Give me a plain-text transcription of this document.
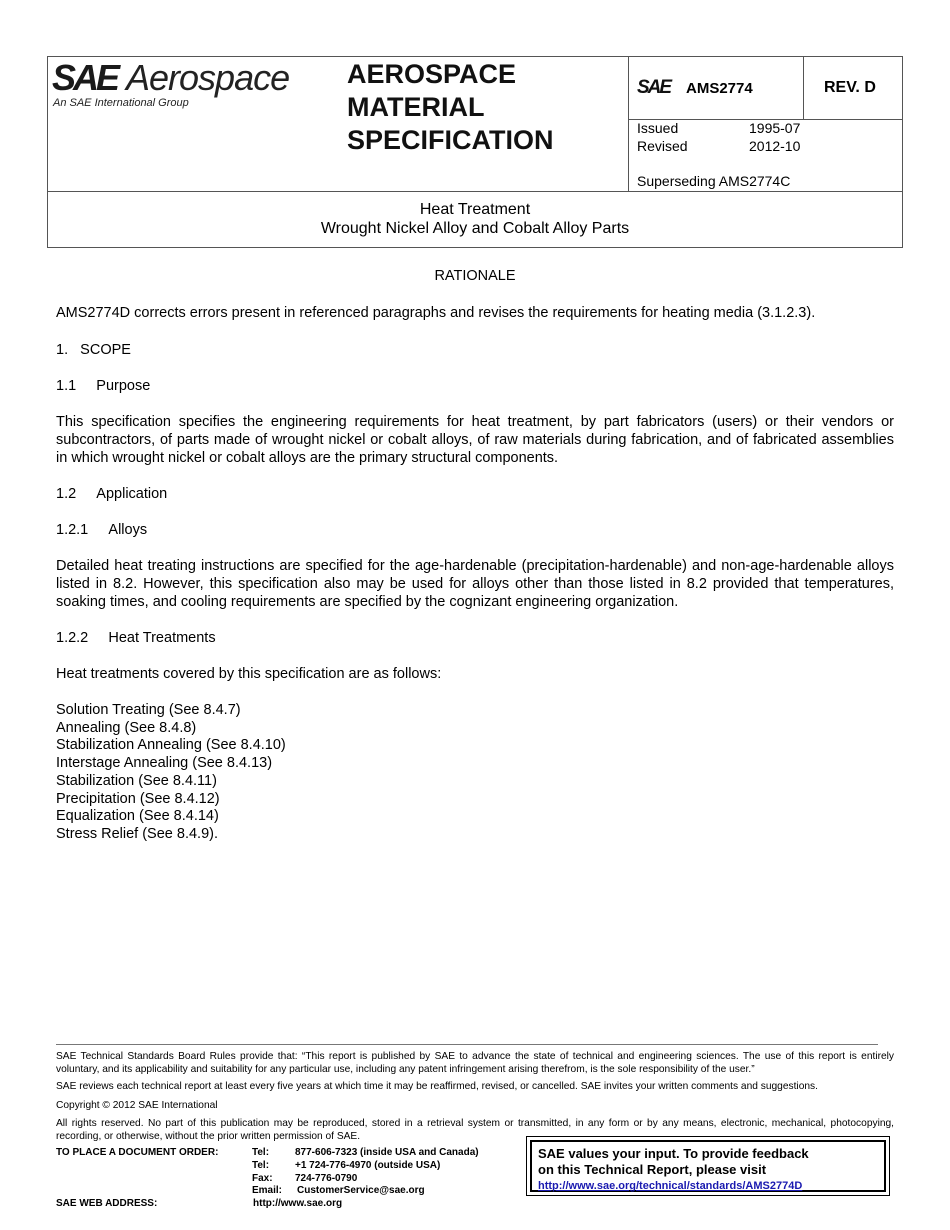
SAE Aerospace
An SAE International Group
AEROSPACE
MATERIAL
SPECIFICATION
SAE AMS2774	REV. D
Issued	1995-07
Revised	2012-10
Superseding AMS2774C
Heat Treatment
Wrought Nickel Alloy and Cobalt Alloy Parts
RATIONALE
AMS2774D corrects errors present in referenced paragraphs and revises the requirements for heating media (3.1.2.3).
1.   SCOPE
1.1     Purpose
This specification specifies the engineering requirements for heat treatment, by part fabricators (users) or their vendors or subcontractors, of parts made of wrought nickel or cobalt alloys, of raw materials during fabrication, and of fabricated assemblies in which wrought nickel or cobalt alloys are the primary structural components.
1.2     Application
1.2.1     Alloys
Detailed heat treating instructions are specified for the age-hardenable (precipitation-hardenable) and non-age-hardenable alloys listed in 8.2. However, this specification also may be used for alloys other than those listed in 8.2 provided that temperatures, soaking times, and cooling requirements are specified by the cognizant engineering organization.
1.2.2     Heat Treatments
Heat treatments covered by this specification are as follows:
Solution Treating (See 8.4.7)
Annealing (See 8.4.8)
Stabilization Annealing (See 8.4.10)
Interstage Annealing (See 8.4.13)
Stabilization (See 8.4.11)
Precipitation (See 8.4.12)
Equalization (See 8.4.14)
Stress Relief (See 8.4.9).
SAE Technical Standards Board Rules provide that: “This report is published by SAE to advance the state of technical and engineering sciences. The use of this report is entirely voluntary, and its applicability and suitability for any particular use, including any patent infringement arising therefrom, is the sole responsibility of the user.”
SAE reviews each technical report at least every five years at which time it may be reaffirmed, revised, or cancelled. SAE invites your written comments and suggestions.
Copyright © 2012 SAE International
All rights reserved. No part of this publication may be reproduced, stored in a retrieval system or transmitted, in any form or by any means, electronic, mechanical, photocopying, recording, or otherwise, without the prior written permission of SAE.
TO PLACE A DOCUMENT ORDER:	Tel:	877-606-7323 (inside USA and Canada)
Tel:	+1 724-776-4970 (outside USA)
Fax: 724-776-0790
Email: CustomerService@sae.org
SAE WEB ADDRESS:	http://www.sae.org
SAE values your input. To provide feedback
on this Technical Report, please visit
http://www.sae.org/technical/standards/AMS2774D
